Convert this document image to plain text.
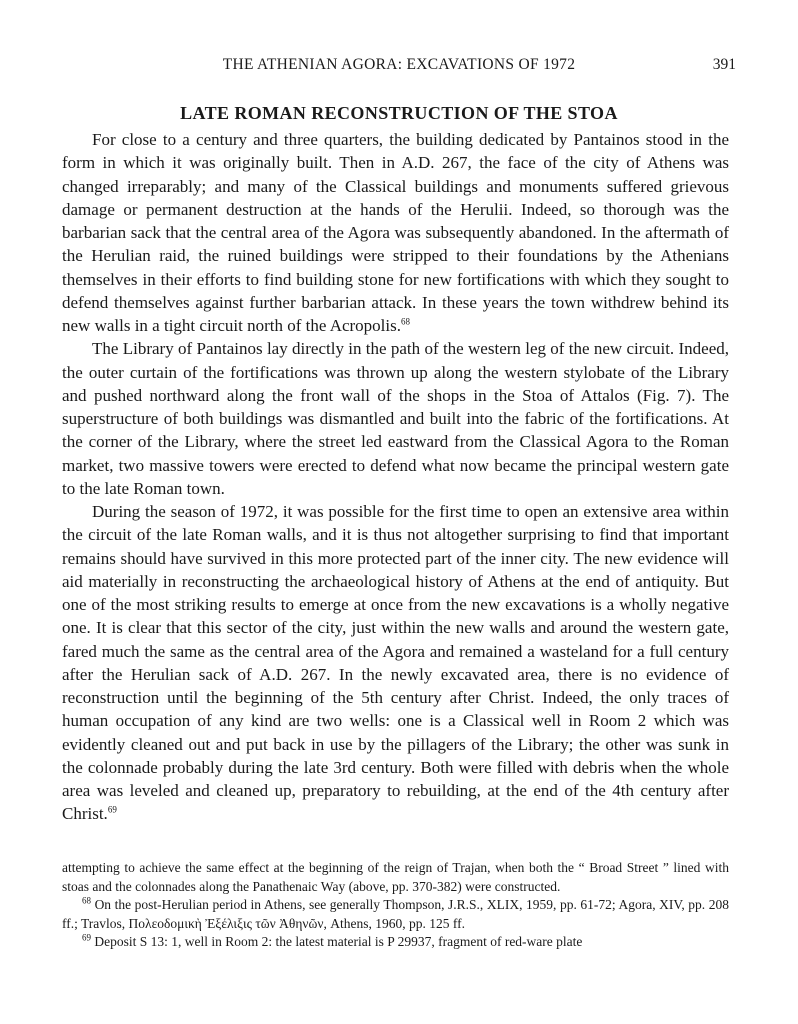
THE ATHENIAN AGORA: EXCAVATIONS OF 1972	391
LATE ROMAN RECONSTRUCTION OF THE STOA

For close to a century and three quarters, the building dedicated by Pantainos stood in the form in which it was originally built. Then in A.D. 267, the face of the city of Athens was changed irreparably; and many of the Classical buildings and monuments suffered grievous damage or permanent destruction at the hands of the Herulii. Indeed, so thorough was the barbarian sack that the central area of the Agora was subsequently abandoned. In the aftermath of the Herulian raid, the ruined buildings were stripped to their foundations by the Athenians themselves in their efforts to find building stone for new fortifications with which they sought to defend themselves against further barbarian attack. In these years the town withdrew behind its new walls in a tight circuit north of the Acropolis.$^{68}$

The Library of Pantainos lay directly in the path of the western leg of the new circuit. Indeed, the outer curtain of the fortifications was thrown up along the western stylobate of the Library and pushed northward along the front wall of the shops in the Stoa of Attalos (Fig. 7). The superstructure of both buildings was dismantled and built into the fabric of the fortifications. At the corner of the Library, where the street led eastward from the Classical Agora to the Roman market, two massive towers were erected to defend what now became the principal western gate to the late Roman town.

During the season of 1972, it was possible for the first time to open an extensive area within the circuit of the late Roman walls, and it is thus not altogether surprising to find that important remains should have survived in this more protected part of the inner city. The new evidence will aid materially in reconstructing the archaeological history of Athens at the end of antiquity. But one of the most striking results to emerge at once from the new excavations is a wholly negative one. It is clear that this sector of the city, just within the new walls and around the western gate, fared much the same as the central area of the Agora and remained a wasteland for a full century after the Herulian sack of A.D. 267. In the newly excavated area, there is no evidence of reconstruction until the beginning of the 5th century after Christ. Indeed, the only traces of human occupation of any kind are two wells: one is a Classical well in Room 2 which was evidently cleaned out and put back in use by the pillagers of the Library; the other was sunk in the colonnade probably during the late 3rd century. Both were filled with debris when the whole area was leveled and cleaned up, preparatory to rebuilding, at the end of the 4th century after Christ.$^{69}$

attempting to achieve the same effect at the beginning of the reign of Trajan, when both the “ Broad Street ” lined with stoas and the colonnades along the Panathenaic Way (above, pp. 370-382) were constructed.

$^{68}$ On the post-Herulian period in Athens, see generally Thompson, J.R.S., XLIX, 1959, pp. 61-72; Agora, XIV, pp. 208 ff.; Travlos, Πολεοδομικὴ Ἐξέλιξις τῶν Ἀθηνῶν, Athens, 1960, pp. 125 ff.

$^{69}$ Deposit S 13: 1, well in Room 2: the latest material is P 29937, fragment of red-ware plate
